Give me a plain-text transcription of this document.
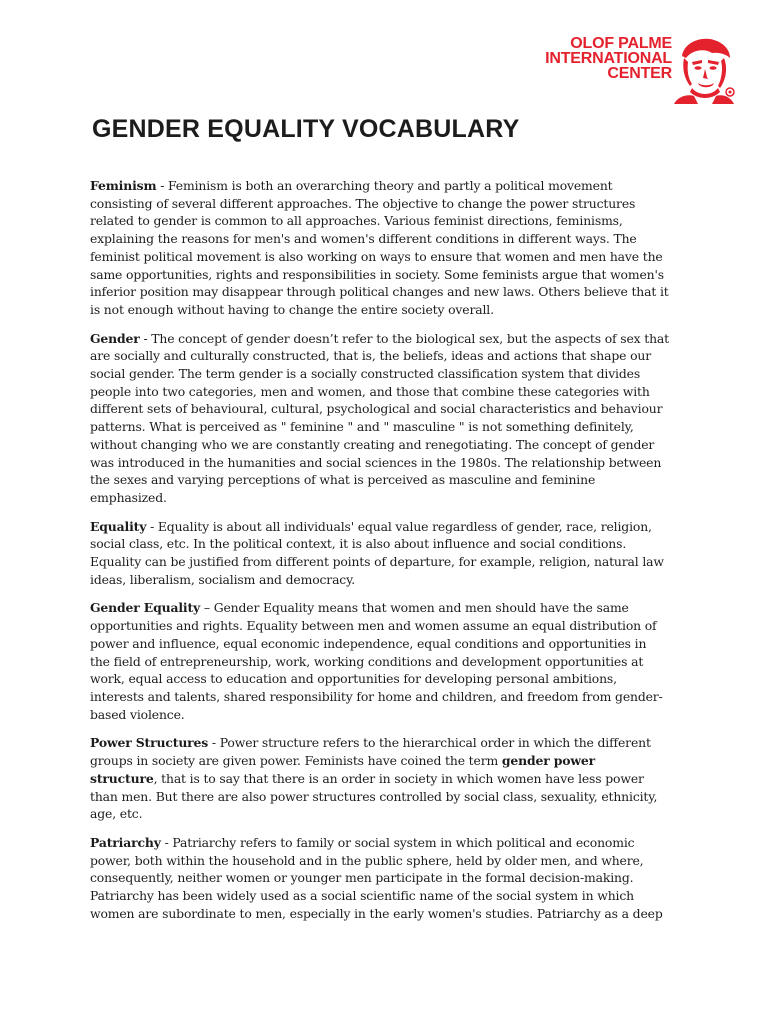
OLOF PALME
INTERNATIONAL
CENTER
GENDER EQUALITY VOCABULARY

Feminism - Feminism is both an overarching theory and partly a political movement
consisting of several different approaches. The objective to change the power structures
related to gender is common to all approaches. Various feminist directions, feminisms,
explaining the reasons for men's and women's different conditions in different ways. The
feminist political movement is also working on ways to ensure that women and men have the
same opportunities, rights and responsibilities in society. Some feminists argue that women's
inferior position may disappear through political changes and new laws. Others believe that it
is not enough without having to change the entire society overall.

Gender - The concept of gender doesn’t refer to the biological sex, but the aspects of sex that
are socially and culturally constructed, that is, the beliefs, ideas and actions that shape our
social gender. The term gender is a socially constructed classification system that divides
people into two categories, men and women, and those that combine these categories with
different sets of behavioural, cultural, psychological and social characteristics and behaviour
patterns. What is perceived as " feminine " and " masculine " is not something definitely,
without changing who we are constantly creating and renegotiating. The concept of gender
was introduced in the humanities and social sciences in the 1980s. The relationship between
the sexes and varying perceptions of what is perceived as masculine and feminine
emphasized.

Equality - Equality is about all individuals' equal value regardless of gender, race, religion,
social class, etc. In the political context, it is also about influence and social conditions.
Equality can be justified from different points of departure, for example, religion, natural law
ideas, liberalism, socialism and democracy.

Gender Equality – Gender Equality means that women and men should have the same
opportunities and rights. Equality between men and women assume an equal distribution of
power and influence, equal economic independence, equal conditions and opportunities in
the field of entrepreneurship, work, working conditions and development opportunities at
work, equal access to education and opportunities for developing personal ambitions,
interests and talents, shared responsibility for home and children, and freedom from gender-
based violence.

Power Structures - Power structure refers to the hierarchical order in which the different
groups in society are given power. Feminists have coined the term gender power
structure, that is to say that there is an order in society in which women have less power
than men. But there are also power structures controlled by social class, sexuality, ethnicity,
age, etc.

Patriarchy - Patriarchy refers to family or social system in which political and economic
power, both within the household and in the public sphere, held by older men, and where,
consequently, neither women or younger men participate in the formal decision-making.
Patriarchy has been widely used as a social scientific name of the social system in which
women are subordinate to men, especially in the early women's studies. Patriarchy as a deep
